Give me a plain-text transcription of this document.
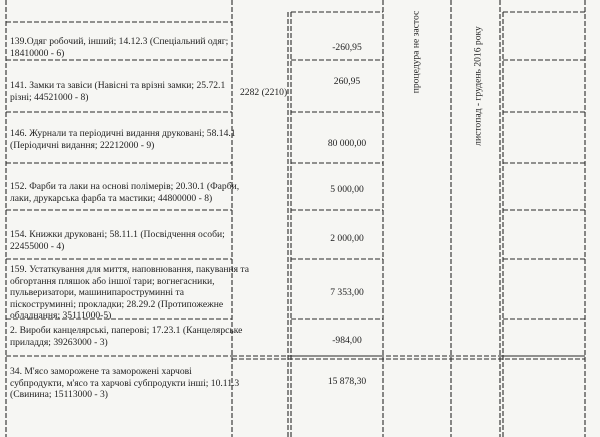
139.Одяг робочий, інший; 14.12.3 (Спеціальний одяг;
18410000 - 6)
141. Замки та завіси (Навісні та врізні замки; 25.72.1
різні; 44521000 - 8)
146. Журнали та періодичні видання друковані; 58.14.1
(Періодичні видання; 22212000 - 9)
152. Фарби та лаки на основі полімерів; 20.30.1 (Фарби,
лаки, друкарська фарба та мастики; 44800000 - 8)
154. Книжки друковані; 58.11.1 (Посвідчення особи;
22455000 - 4)
159. Устаткування для миття, наповнювання, пакування та
обгортання пляшок або іншої тари; вогнегасники,
пульверизатори, машинипароструминні та
піскоструминні; прокладки; 28.29.2 (Протипожежне
обладнання; 35111000-5)
2. Вироби канцелярські, паперові; 17.23.1 (Канцелярське
приладдя; 39263000 - 3)
34. М'ясо заморожене та заморожені харчові
субпродукти, м'ясо та харчові субпродукти інші; 10.11.3
(Свинина; 15113000 - 3)
2282 (2210)
-260,95
260,95
80 000,00
5 000,00
2 000,00
7 353,00
-984,00
15 878,30
процедура не застос	листопад - грудень 2016 року
